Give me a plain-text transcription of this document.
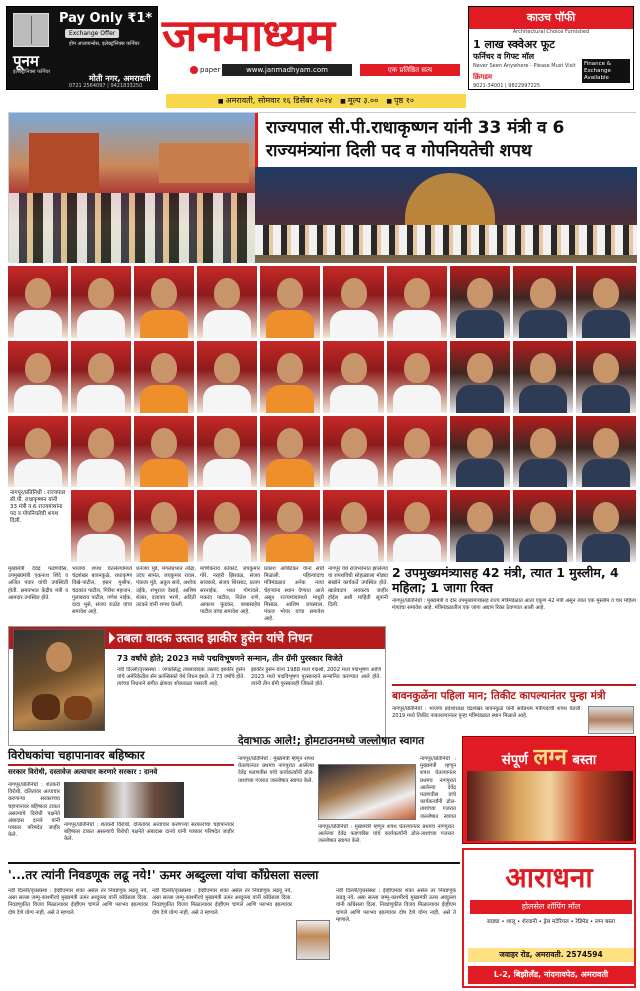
Pay Only ₹1*
Exchange Offer
होम अप्लायन्सेस, इलेक्ट्रॉनिक्स फर्निचर
पूनम
इलेक्ट्रॉनिक्स फर्निचर
मोती नगर, अमरावती
0721 2564097 | 9421833250
जनमाध्यम
paper	www.janmadhyam.com	एक प्रतिष्ठित सत्य
काउच पॉफी
Architectural Choice Furnished
1 लाख स्क्वेअर फूट
फर्निचर व गिफ्ट मॉल
Never Seen Anywhere - Please Must Visit	Finance & Exchange Available
क्रिंगडम
9021-34001 | 9822997225
■ अमरावती, सोमवार १६ डिसेंबर २०२४	■ मूल्य ३.००	■ पृष्ठ १०
राज्यपाल सी.पी.राधाकृष्णन यांनी 33 मंत्री व 6 राज्यमंत्र्यांना दिली पद व गोपनियतेची शपथ
नागपूर/प्रतिनिधी : राज्यपाल सी.पी. राधाकृष्णन यांनी 33 मंत्री व 6 राज्यमंत्र्यांना पद व गोपनियतेची शपथ दिली.
मुख्यमंत्री देवेंद्र फडणवीस, उपमुख्यमंत्री एकनाथ शिंदे व अजित पवार यांची उपस्थिती होती. समारंभात केंद्रीय मंत्री व आमदार उपस्थित होते.
भाजपा शपथ घेतलेल्यांमध्ये चंद्रशेखर बावनकुळे, राधाकृष्ण विखे-पाटील, हसन मुश्रीफ, चंद्रकांत पाटील, गिरीश महाजन, गुलाबराव पाटील, गणेश नाईक, दादा भुसे, संजय राठोड यांचा समावेश आहे.
धनंजय मुंडे, मंगलप्रभात लोढा, उदय सामंत, जयकुमार रावल, पंकजा मुंडे, अतुल सावे, अशोक उईके, शंभूराज देसाई, आशिष शेलार, दत्तात्रय भरणे, अदिती तटकरे यांनी शपथ घेतली.
माणिकराव कोकाटे, जयकुमार गोरे, नरहरी झिरवळ, संजय सावकारे, संजय शिरसाट, प्रताप सरनाईक, भरत गोगावले, मकरंद पाटील, नितेश राणे, आकाश फुंडकर, बाबासाहेब पाटील यांचा समावेश आहे.
प्रकाश आबिटकर यांना संधी मिळाली. पहिल्यांदाच मंत्रिमंडळात अनेक नव्या चेहऱ्यांना स्थान देण्यात आले असून राज्यमंत्र्यांमध्ये माधुरी मिसाळ, आशिष जयस्वाल, पंकज भोयर यांचा समावेश आहे.
नागपूर येथे राजभवनात झालेल्या या शपथविधी सोहळ्याला मोठ्या संख्येने कार्यकर्ते उपस्थित होते. खातेवाटप लवकरच जाहीर होईल अशी माहिती सूत्रांनी दिली.
2 उपमुख्यमंत्र्यासह 42 मंत्री, त्यात 1 मुस्लीम, 4 महिला; 1 जागा रिक्त
नागपूर/प्रतिनिधी : मुख्यमंत्री व दोन उपमुख्यमंत्र्यांसह राज्य मंत्रिमंडळात आता एकूण 42 मंत्री असून त्यात एक मुस्लीम व चार महिला मंत्र्यांचा समावेश आहे. मंत्रिमंडळातील एक जागा अद्याप रिक्त ठेवण्यात आली आहे.
तबला वादक उस्ताद झाकीर हुसेन यांचे निधन
73 वर्षांचे होते; 2023 मध्ये पद्मविभूषणने सन्मान, तीन ग्रॅमी पुरस्कार विजेते
नवी दिल्ली/वृत्तसंस्था : जगप्रसिद्ध तबलावादक उस्ताद झाकीर हुसेन यांचे अमेरिकेतील सॅन फ्रान्सिस्को येथे निधन झाले. ते 73 वर्षांचे होते. त्यांच्या निधनाने संगीत क्षेत्रावर शोककळा पसरली आहे.
झाकीर हुसेन यांना 1988 मध्ये पद्मश्री, 2002 मध्ये पद्मभूषण आणि 2023 मध्ये पद्मविभूषण पुरस्काराने सन्मानित करण्यात आले होते. त्यांनी तीन ग्रॅमी पुरस्कारही जिंकले होते.
बावनकुळेंना पहिला मान; तिकीट कापल्यानंतर पुन्हा मंत्री
नागपूर/प्रतिनिधी : भाजपा प्रदेशाध्यक्ष चंद्रशेखर बावनकुळे यांनी सर्वप्रथम मंत्रीपदाची शपथ घेतली. 2019 मध्ये तिकीट नाकारल्यानंतर पुन्हा मंत्रिमंडळात स्थान मिळाले आहे.
विरोधकांचा चहापानावर बहिष्कार
सरकार विरोधी, दस्तावेज अत्याचार करणारे सरकार : दानवे
नागपूर/प्रतिनिधी : शेतकरी विरोधी, दलितांवर अत्याचार करणाऱ्या सरकारच्या चहापानावर बहिष्कार टाकत असल्याचे विरोधी पक्षनेते अंबादास दानवे यांनी पत्रकार परिषदेत जाहीर केले.
नागपूर/प्रतिनिधी : शेतकरी विरोधी, दलितांवर अत्याचार करणाऱ्या सरकारच्या चहापानावर बहिष्कार टाकत असल्याचे विरोधी पक्षनेते अंबादास दानवे यांनी पत्रकार परिषदेत जाहीर केले.
देवाभाऊ आले!; होमटाउनमध्ये जल्लोषात स्वागत
नागपूर/प्रतिनिधी : मुख्यमंत्री म्हणून शपथ घेतल्यानंतर प्रथमच नागपुरात आलेल्या देवेंद्र फडणवीस यांचे कार्यकर्त्यांनी ढोल-ताशांच्या गजरात जल्लोषात स्वागत केले.
नागपूर/प्रतिनिधी : मुख्यमंत्री म्हणून शपथ घेतल्यानंतर प्रथमच नागपुरात आलेल्या देवेंद्र फडणवीस यांचे कार्यकर्त्यांनी ढोल-ताशांच्या गजरात जल्लोषात स्वागत केले.
नागपूर/प्रतिनिधी : मुख्यमंत्री म्हणून शपथ घेतल्यानंतर प्रथमच नागपुरात आलेल्या देवेंद्र फडणवीस यांचे कार्यकर्त्यांनी ढोल-ताशांच्या गजरात जल्लोषात स्वागत
'...तर त्यांनी निवडणूक लढू नये!' ऊमर अब्दुल्ला यांचा काँग्रेसला सल्ला
नवी दिल्ली/वृत्तसंस्था : ईव्हीएमवर शंका असेल तर निवडणूक लढवू नये, असा सल्ला जम्मू-काश्मीरचे मुख्यमंत्री ऊमर अब्दुल्ला यांनी काँग्रेसला दिला. निवडणुकीत विजय मिळाल्यावर ईव्हीएम चांगले आणि पराभव झाल्यावर दोष देणे योग्य नाही, असे ते म्हणाले.
नवी दिल्ली/वृत्तसंस्था : ईव्हीएमवर शंका असेल तर निवडणूक लढवू नये, असा सल्ला जम्मू-काश्मीरचे मुख्यमंत्री ऊमर अब्दुल्ला यांनी काँग्रेसला दिला. निवडणुकीत विजय मिळाल्यावर ईव्हीएम चांगले आणि पराभव झाल्यावर दोष देणे योग्य नाही, असे ते म्हणाले.
नवी दिल्ली/वृत्तसंस्था : ईव्हीएमवर शंका असेल तर निवडणूक लढवू नये, असा सल्ला जम्मू-काश्मीरचे मुख्यमंत्री ऊमर अब्दुल्ला यांनी काँग्रेसला दिला. निवडणुकीत विजय मिळाल्यावर ईव्हीएम चांगले आणि पराभव झाल्यावर दोष देणे योग्य नाही, असे ते म्हणाले.
संपूर्ण लग्न बस्ता
आराधना
होलसेल शॉपिंग मॉल
साड्या • शालू • शेरवानी • ड्रेस मटेरियल • रेडिमेड • लग्न बस्ता
जवाहर रोड, अमरावती. 2574594
L-2, बिझीलँड, नांदगावपेठ, अमरावती
